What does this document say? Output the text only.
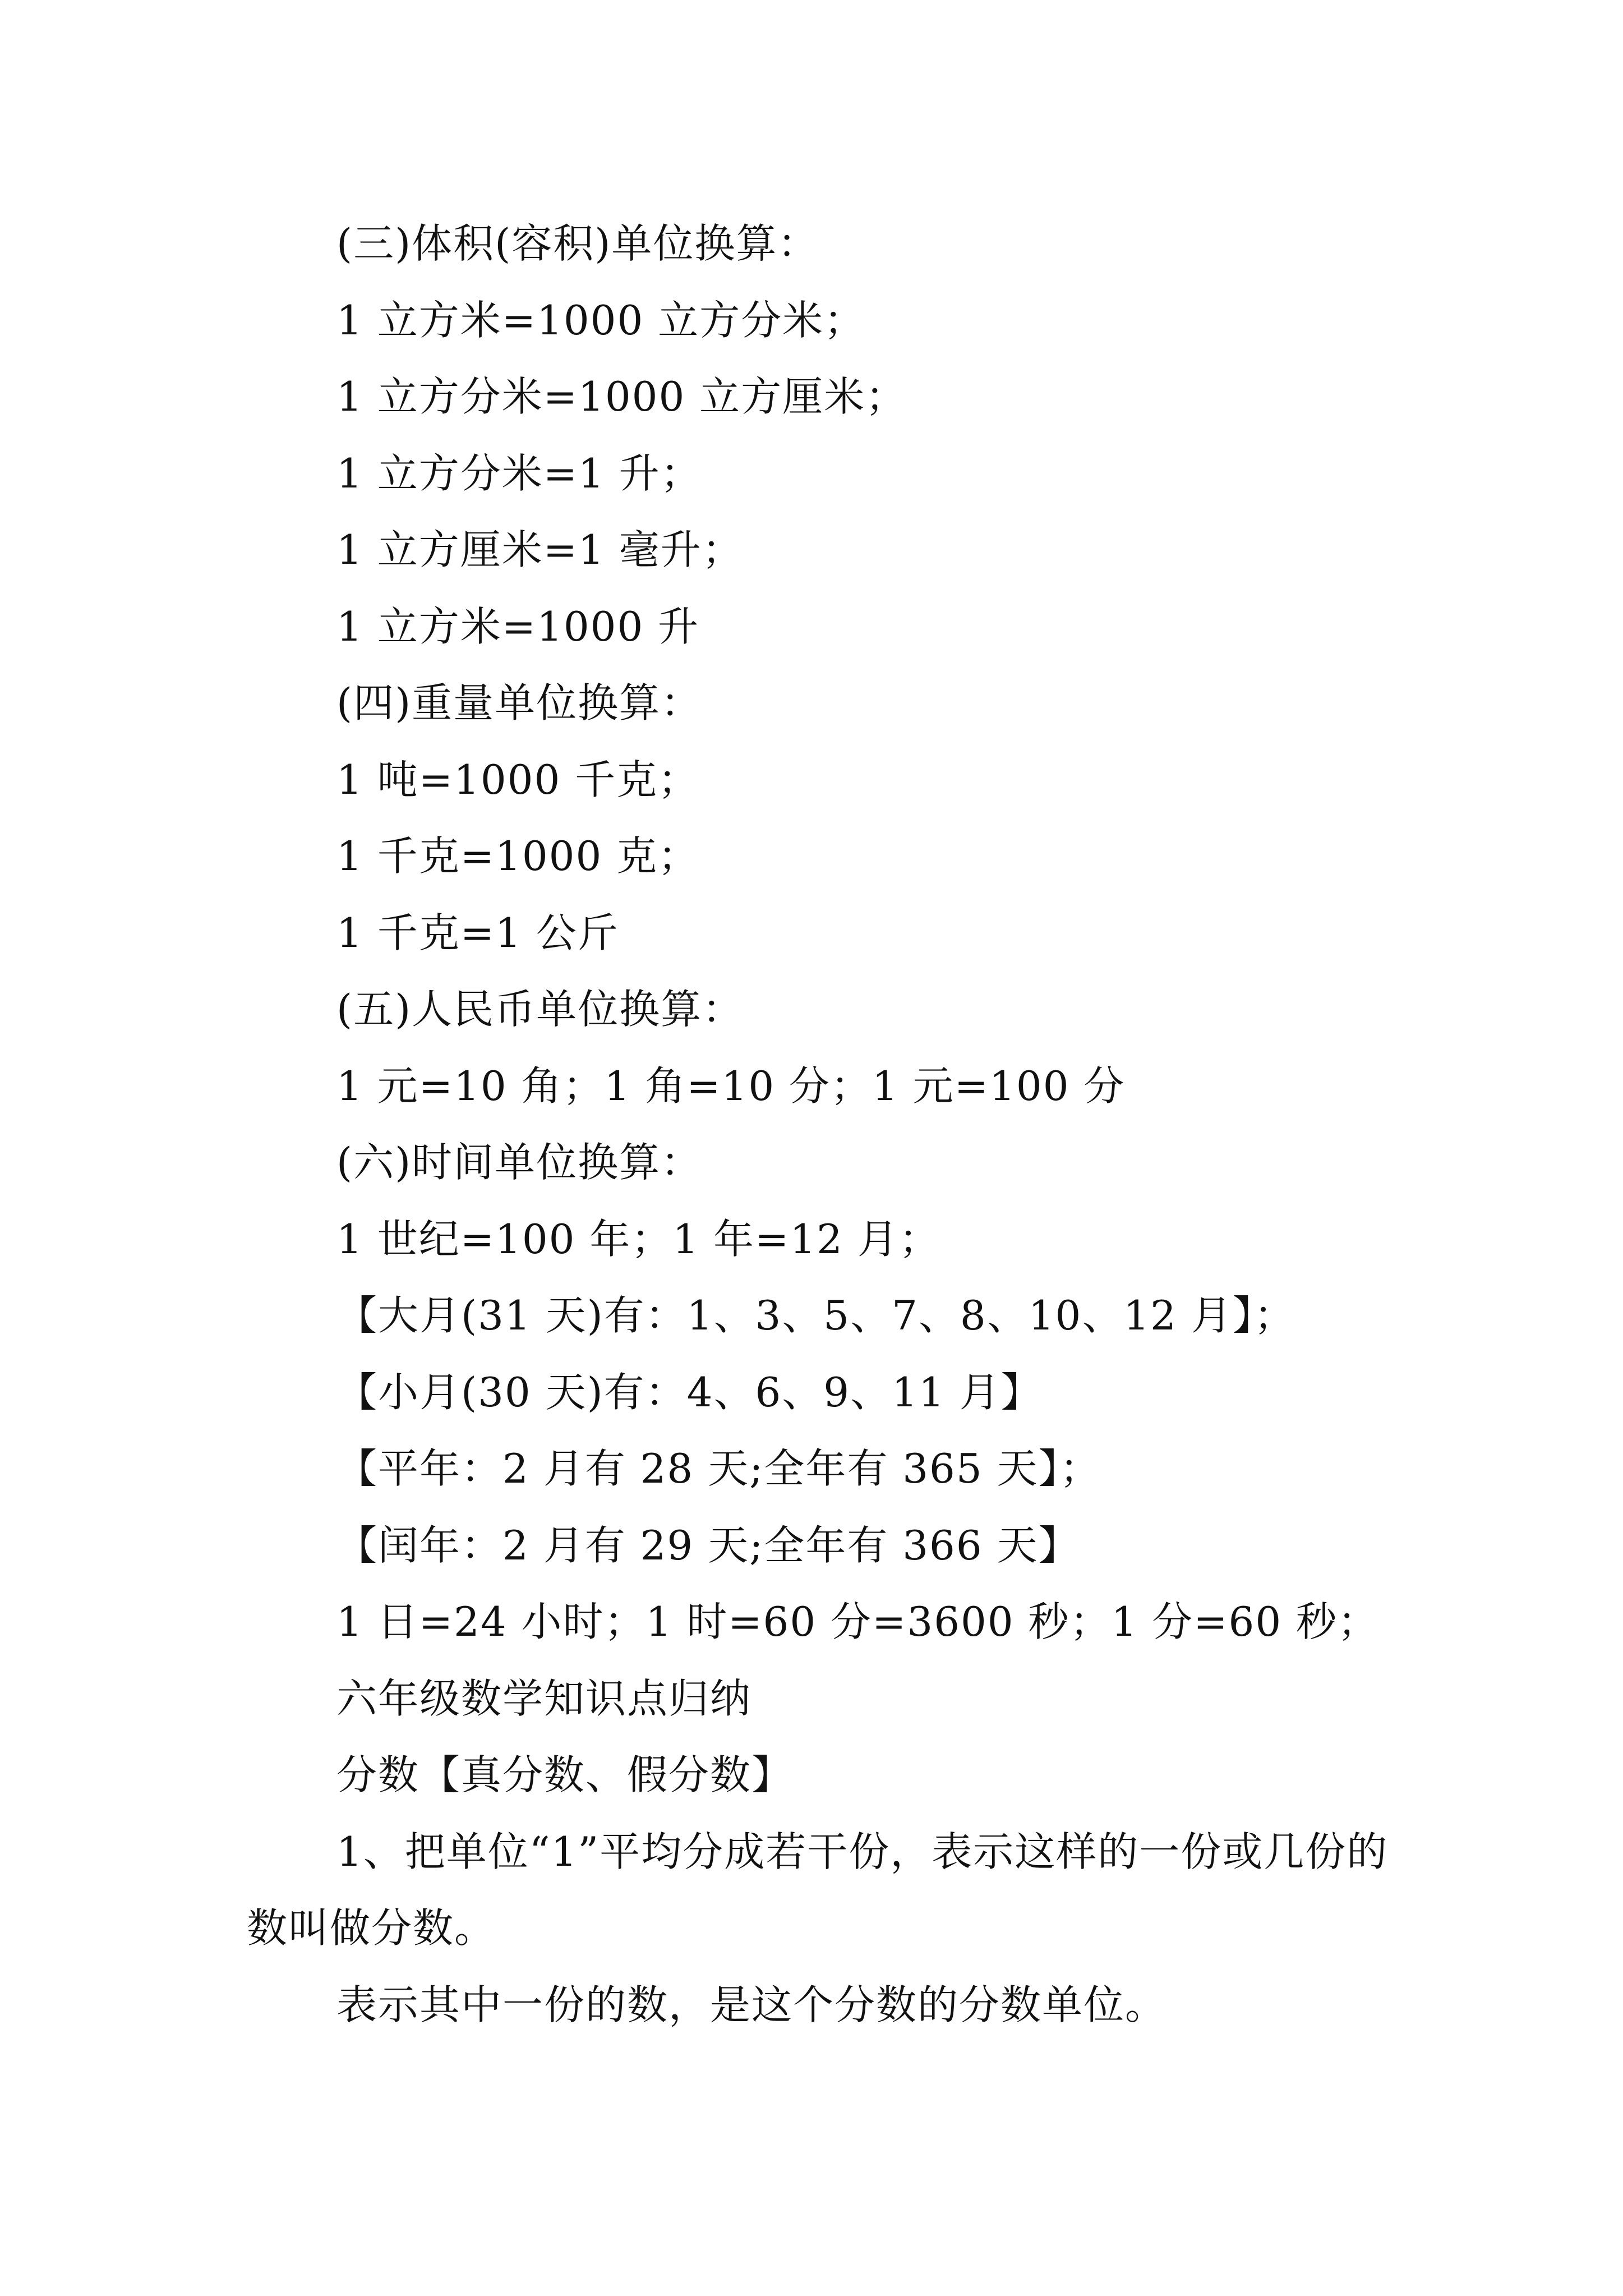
(三)体积(容积)单位换算：
1 立方米=1000 立方分米；
1 立方分米=1000 立方厘米；
1 立方分米=1 升；
1 立方厘米=1 毫升；
1 立方米=1000 升
(四)重量单位换算：
1 吨=1000 千克；
1 千克=1000 克；
1 千克=1 公斤
(五)人民币单位换算：
1 元=10 角；1 角=10 分；1 元=100 分
(六)时间单位换算：
1 世纪=100 年；1 年=12 月；
【大月(31 天)有：1、3、5、7、8、10、12 月】；
【小月(30 天)有：4、6、9、11 月】
【平年：2 月有 28 天;全年有 365 天】；
【闰年：2 月有 29 天;全年有 366 天】
1 日=24 小时；1 时=60 分=3600 秒；1 分=60 秒；
六年级数学知识点归纳
分数【真分数、假分数】
1、把单位“1”平均分成若干份，表示这样的一份或几份的数叫做分数。
表示其中一份的数，是这个分数的分数单位。
